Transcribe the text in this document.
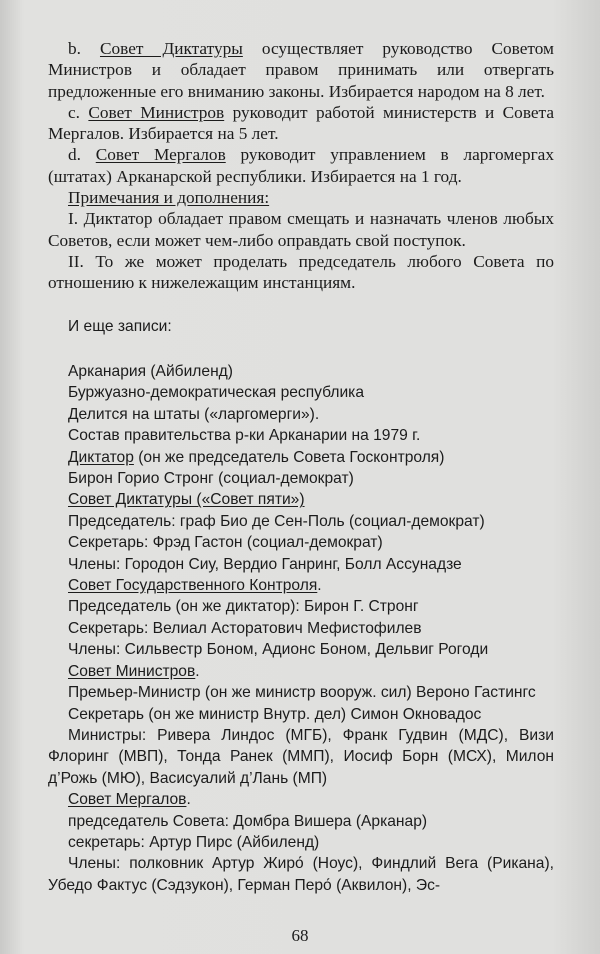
b. Совет Диктатуры осуществляет руководство Советом Министров и обладает правом принимать или отвергать предложенные его вниманию законы. Избирается народом на 8 лет.

с. Совет Министров руководит работой министерств и Совета Мергалов. Избирается на 5 лет.

d. Совет Мергалов руководит управлением в ларгомергах (штатах) Арканарской республики. Избирается на 1 год.

Примечания и дополнения:

I. Диктатор обладает правом смещать и назначать членов любых Советов, если может чем-либо оправдать свой поступок.

II. То же может проделать председатель любого Совета по отношению к нижележащим инстанциям.

И еще записи:
Арканария (Айбиленд)
Буржуазно-демократическая республика
Делится на штаты («ларгомерги»).
Состав правительства р-ки Арканарии на 1979 г.
Диктатор (он же председатель Совета Госконтроля)
Бирон Горио Стронг (социал-демократ)
Совет Диктатуры («Совет пяти»)
Председатель: граф Био де Сен-Поль (социал-демократ)
Секретарь: Фрэд Гастон (социал-демократ)
Члены: Городон Сиу, Вердио Ганринг, Болл Ассунадзе
Совет Государственного Контроля.
Председатель (он же диктатор): Бирон Г. Стронг
Секретарь: Велиал Асторатович Мефистофилев
Члены: Сильвестр Боном, Адионс Боном, Дельвиг Рогоди
Совет Министров.

Премьер-Министр (он же министр вооруж. сил) Вероно Гастингс

Секретарь (он же министр Внутр. дел) Симон Окновадос

Министры: Ривера Линдос (МГБ), Франк Гудвин (МДС), Визи Флоринг (МВП), Тонда Ранек (ММП), Иосиф Борн (МСХ), Милон д’Рожь (МЮ), Васисуалий д’Лань (МП)

Совет Мергалов.
председатель Совета: Домбра Вишера (Арканар)
секретарь: Артур Пирс (Айбиленд)

Члены: полковник Артур Жиро́ (Ноус), Финдлий Вега (Рикана), Убедо Фактус (Сэдзукон), Герман Перо́ (Аквилон), Эс-

68
